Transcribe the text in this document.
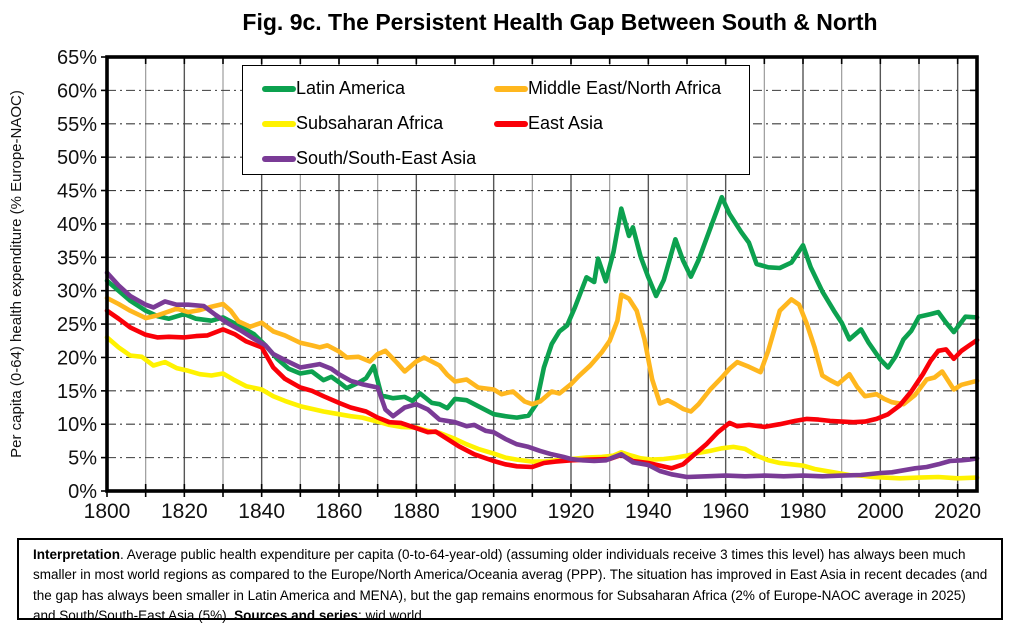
Fig. 9c. The Persistent Health Gap Between South & North
1800 1820 1840 1860 1880 1900 1920 1940 1960 1980 2000 2020
0%
5%
10%
15%
20%
25%
30%
35%
40%
45%
50%
55%
60%
65%
Per capita (0-64) health expenditure (% Europe-NAOC)
Latin America	Middle East/North Africa
Subsaharan Africa	East Asia
South/South-East Asia
Interpretation. Average public health expenditure per capita (0-to-64-year-old) (assuming older individuals receive 3 times this level) has always been much smaller in most world regions as compared to the Europe/North America/Oceania averag (PPP). The situation has improved in East Asia in recent decades (and the gap has always been smaller in Latin America and MENA), but the gap remains enormous for Subsaharan Africa (2% of Europe-NAOC average in 2025) and South/South-East Asia (5%). Sources and series: wid.world
